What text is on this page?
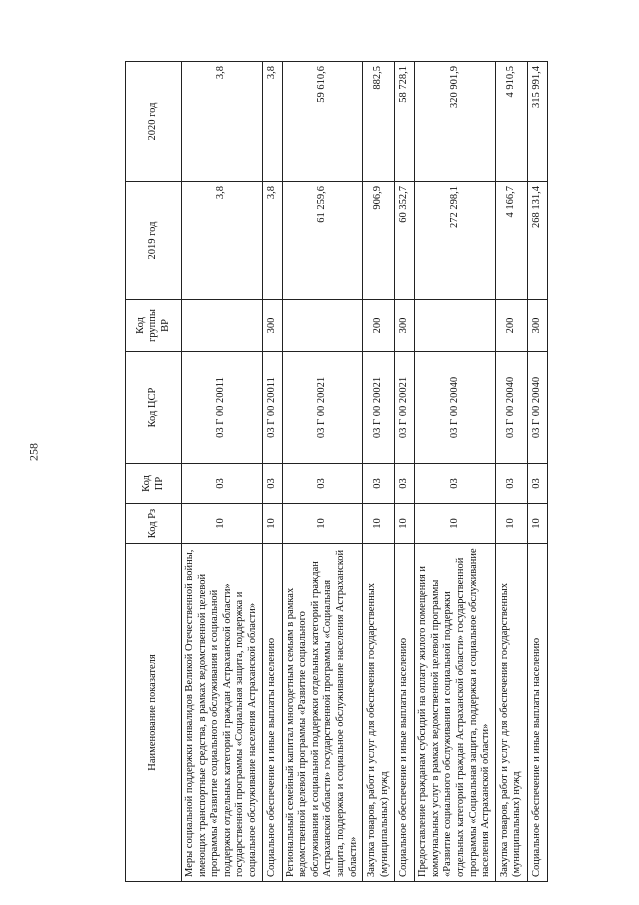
258
Наименование показателя	Код Рз	Код ПР	Код ЦСР	Код группы ВР	2019 год	2020 год
Меры социальной поддержки инвалидов Великой Отечественной войны, имеющих транспортные средства, в рамках ведомственной целевой программы «Развитие социального обслуживания и социальной поддержки отдельных категорий граждан Астраханской области» государственной программы «Социальная защита, поддержка и социальное обслуживание населения Астраханской области»	10	03	03 Г 00 20011		3,8	3,8
Социальное обеспечение и иные выплаты населению	10	03	03 Г 00 20011	300	3,8	3,8
Региональный семейный капитал многодетным семьям в рамках ведомственной целевой программы «Развитие социального обслуживания и социальной поддержки отдельных категорий граждан Астраханской области» государственной программы «Социальная защита, поддержка и социальное обслуживание населения Астраханской области»	10	03	03 Г 00 20021		61 259,6	59 610,6
Закупка товаров, работ и услуг для обеспечения государственных (муниципальных) нужд	10	03	03 Г 00 20021	200	906,9	882,5
Социальное обеспечение и иные выплаты населению	10	03	03 Г 00 20021	300	60 352,7	58 728,1
Предоставление гражданам субсидий на оплату жилого помещения и коммунальных услуг в рамках ведомственной целевой программы «Развитие социального обслуживания и социальной поддержки отдельных категорий граждан Астраханской области» государственной программы «Социальная защита, поддержка и социальное обслуживание населения Астраханской области»	10	03	03 Г 00 20040		272 298,1	320 901,9
Закупка товаров, работ и услуг для обеспечения государственных (муниципальных) нужд	10	03	03 Г 00 20040	200	4 166,7	4 910,5
Социальное обеспечение и иные выплаты населению	10	03	03 Г 00 20040	300	268 131,4	315 991,4
